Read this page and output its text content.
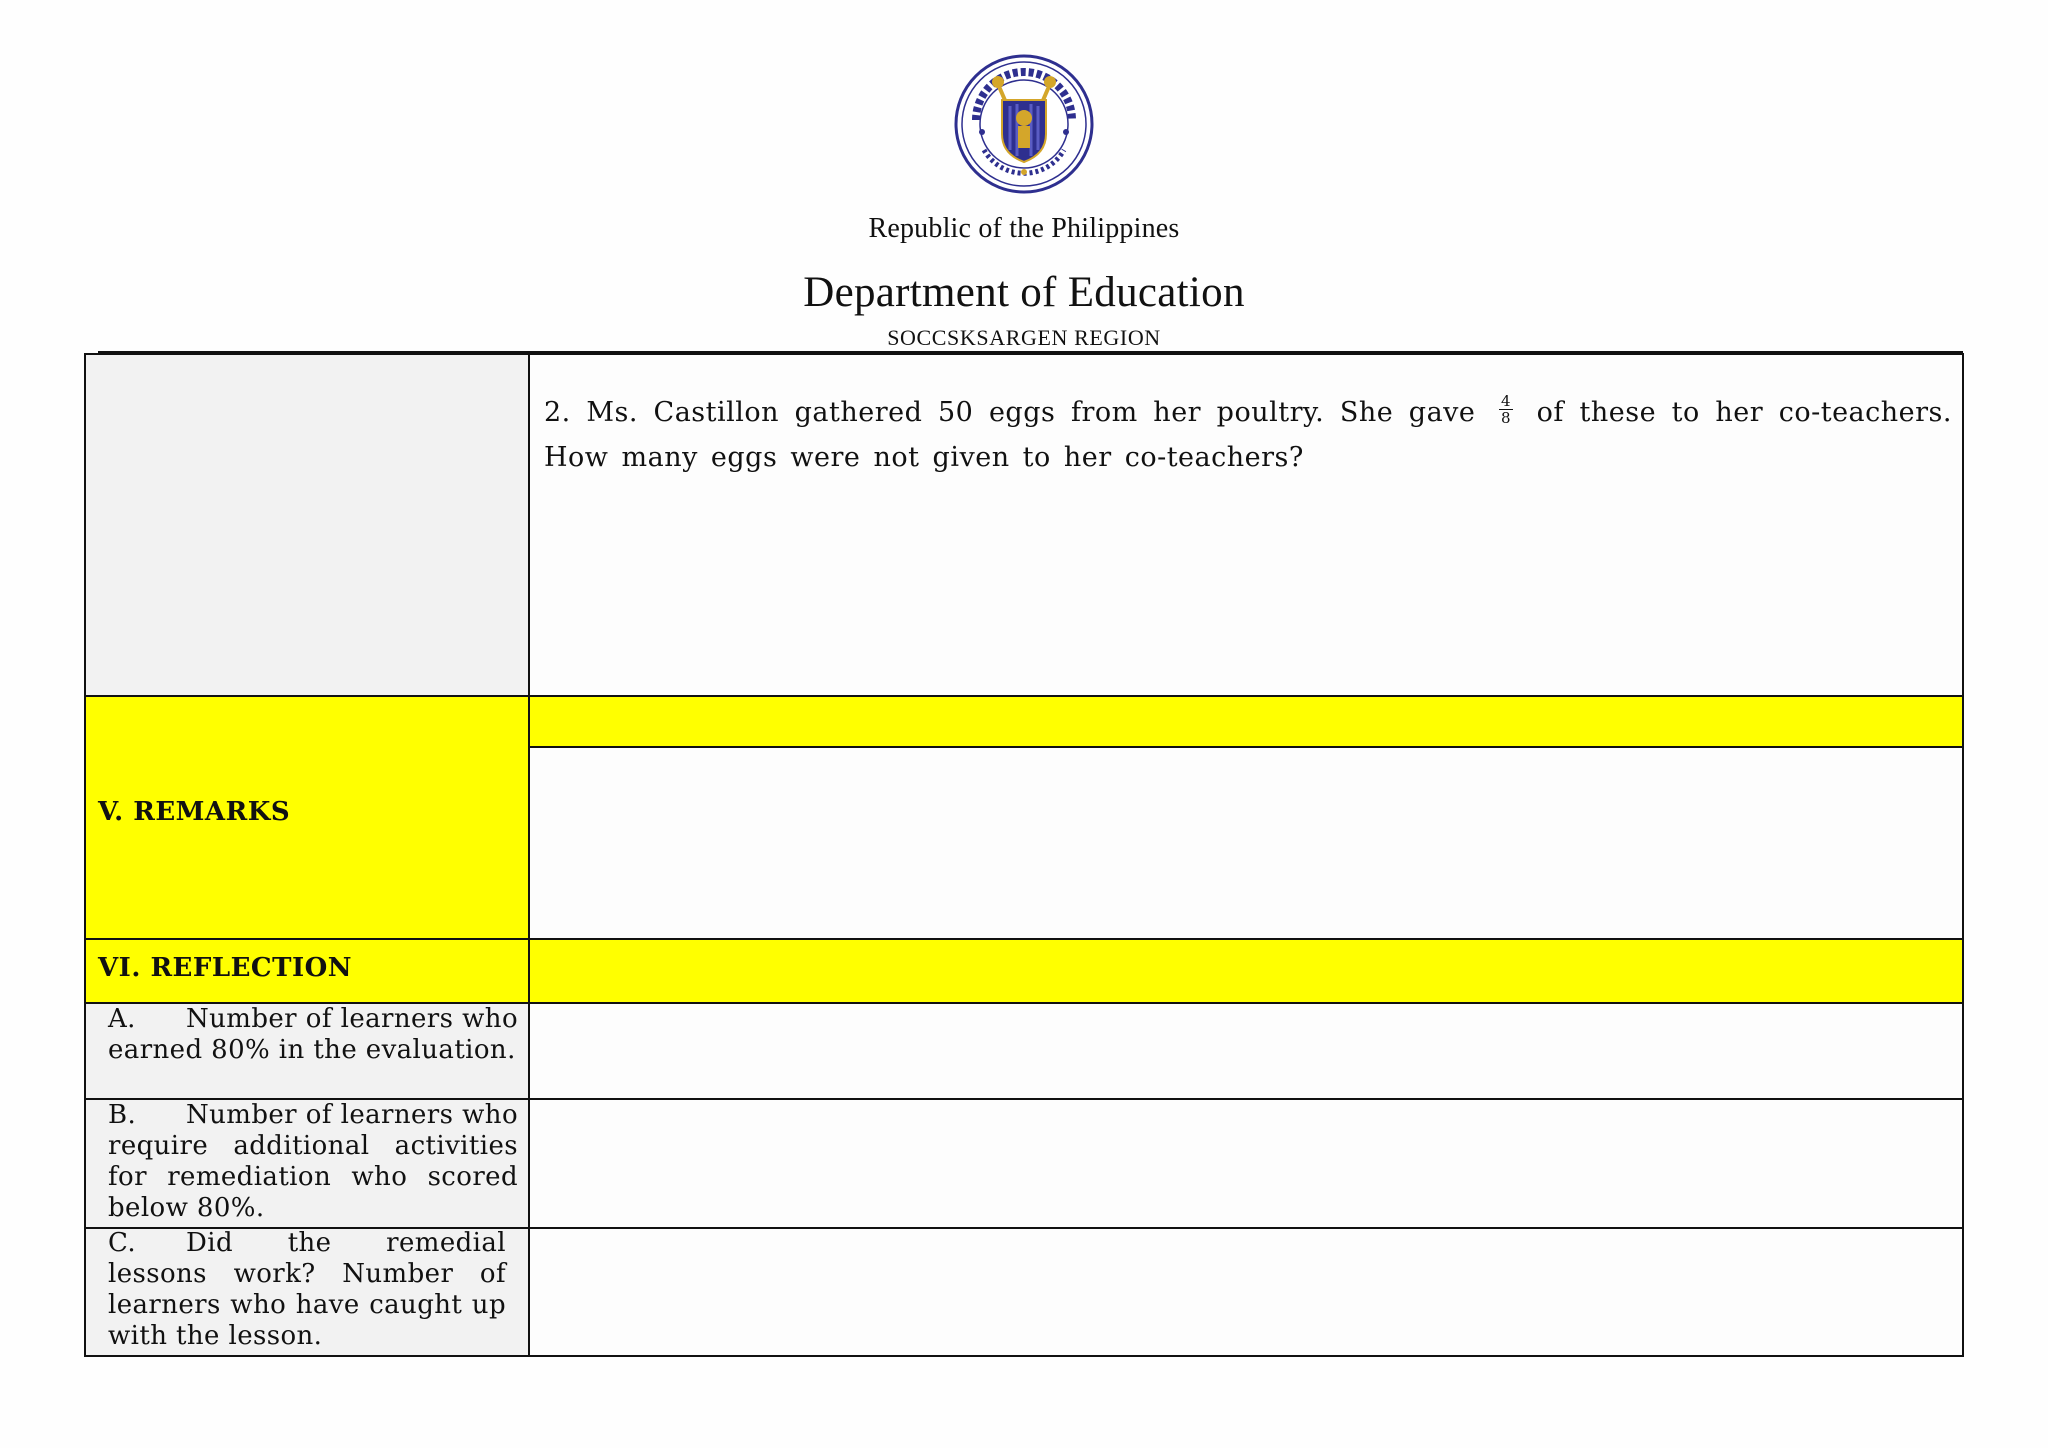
Republic of the Philippines
Department of Education
SOCCSKSARGEN REGION
2. Ms. Castillon gathered 50 eggs from her poultry. She gave $\frac{4}{8}$ of these to her co-teachers. How many eggs were not given to her co-teachers?
V. REMARKS
VI. REFLECTION
A. Number of learners who earned 80% in the evaluation.
B. Number of learners who require additional activities for remediation who scored below 80%.
C. Did the remedial lessons work? Number of learners who have caught up with the lesson.
